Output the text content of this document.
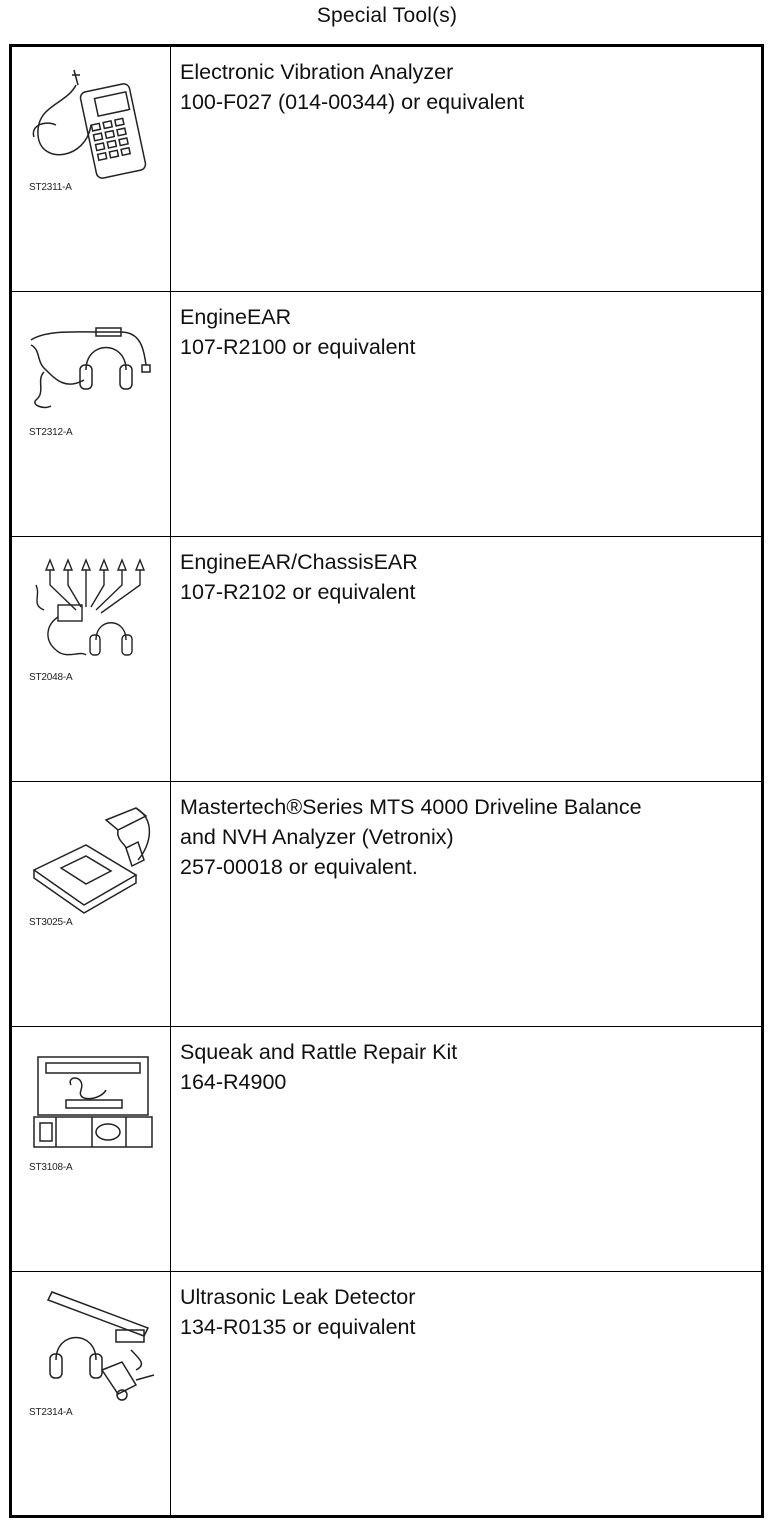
Special Tool(s)
ST2311-A
Electronic Vibration Analyzer
100-F027 (014-00344) or equivalent
ST2312-A
EngineEAR
107-R2100 or equivalent
ST2048-A
EngineEAR/ChassisEAR
107-R2102 or equivalent
ST3025-A
Mastertech®Series MTS 4000 Driveline Balance
and NVH Analyzer (Vetronix)
257-00018 or equivalent.
ST3108-A
Squeak and Rattle Repair Kit
164-R4900
ST2314-A
Ultrasonic Leak Detector
134-R0135 or equivalent
